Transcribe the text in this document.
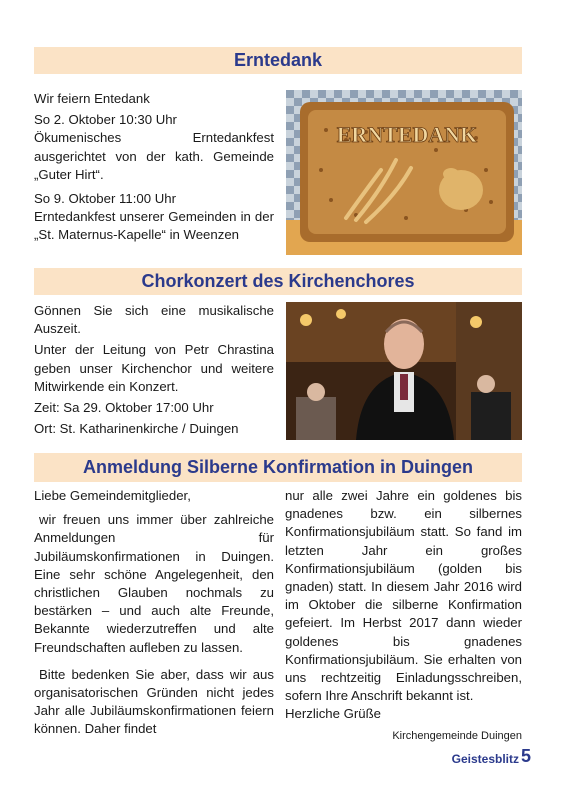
Erntedank

Wir feiern Entedank

So 2. Oktober 10:30 Uhr

Ökumenisches Erntedankfest ausgerichtet von der kath. Gemeinde „Guter Hirt“.

So 9. Oktober 11:00 Uhr

Erntedankfest unserer Gemeinden in der „St. Maternus-Kapelle“ in Weenzen

ERNTEDANK
Chorkonzert des Kirchenchores

Gönnen Sie sich eine musikalische Auszeit.

Unter der Leitung von Petr Chrastina geben unser Kirchenchor und weitere Mitwirkende ein Konzert.

Zeit: Sa 29. Oktober 17:00 Uhr

Ort: St. Katharinenkirche / Duingen

Anmeldung Silberne Konfirmation in Duingen

Liebe Gemeindemitglieder,

wir freuen uns immer über zahlreiche Anmeldungen für Jubiläumskonfirmationen in Duingen. Eine sehr schöne Angelegenheit, den christlichen Glauben nochmals zu bestärken – und auch alte Freunde, Bekannte wiederzutreffen und alte Freundschaften aufleben zu lassen.

Bitte bedenken Sie aber, dass wir aus organisatorischen Gründen nicht jedes Jahr alle Jubiläumskonfirmationen feiern können. Daher findet

nur alle zwei Jahre ein goldenes bis gnadenes bzw. ein silbernes Konfirmationsjubiläum statt. So fand im letzten Jahr ein großes Konfirmationsjubiläum (golden bis gnaden) statt. In diesem Jahr 2016 wird im Oktober die silberne Konfirmation gefeiert. Im Herbst 2017 dann wieder goldenes bis gnadenes Konfirmationsjubiläum. Sie erhalten von uns rechtzeitig Einladungsschreiben, sofern Ihre Anschrift bekannt ist.

Herzliche Grüße

Kirchengemeinde Duingen

Geistesblitz 5
